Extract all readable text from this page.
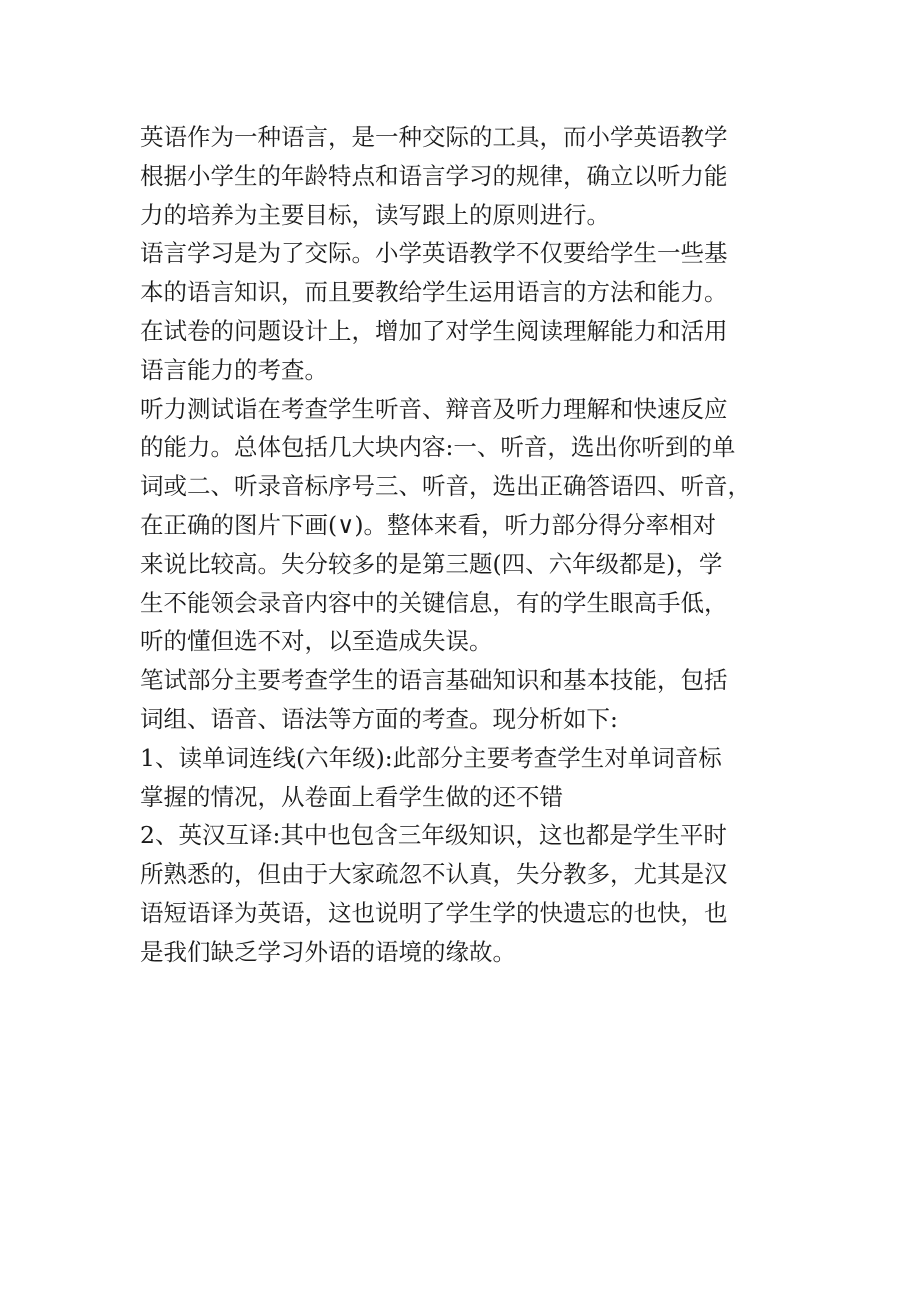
英语作为一种语言，是一种交际的工具，而小学英语教学
根据小学生的年龄特点和语言学习的规律，确立以听力能
力的培养为主要目标，读写跟上的原则进行。

语言学习是为了交际。小学英语教学不仅要给学生一些基
本的语言知识，而且要教给学生运用语言的方法和能力。
在试卷的问题设计上，增加了对学生阅读理解能力和活用
语言能力的考查。

听力测试诣在考查学生听音、辩音及听力理解和快速反应
的能力。总体包括几大块内容:一、听音，选出你听到的单
词或二、听录音标序号三、听音，选出正确答语四、听音，
在正确的图片下画(∨)。整体来看，听力部分得分率相对
来说比较高。失分较多的是第三题(四、六年级都是)，学
生不能领会录音内容中的关键信息，有的学生眼高手低，
听的懂但选不对，以至造成失误。

笔试部分主要考查学生的语言基础知识和基本技能，包括
词组、语音、语法等方面的考查。现分析如下:

1、读单词连线(六年级):此部分主要考查学生对单词音标
掌握的情况，从卷面上看学生做的还不错

2、英汉互译:其中也包含三年级知识，这也都是学生平时
所熟悉的，但由于大家疏忽不认真，失分教多，尤其是汉
语短语译为英语，这也说明了学生学的快遗忘的也快，也
是我们缺乏学习外语的语境的缘故。
